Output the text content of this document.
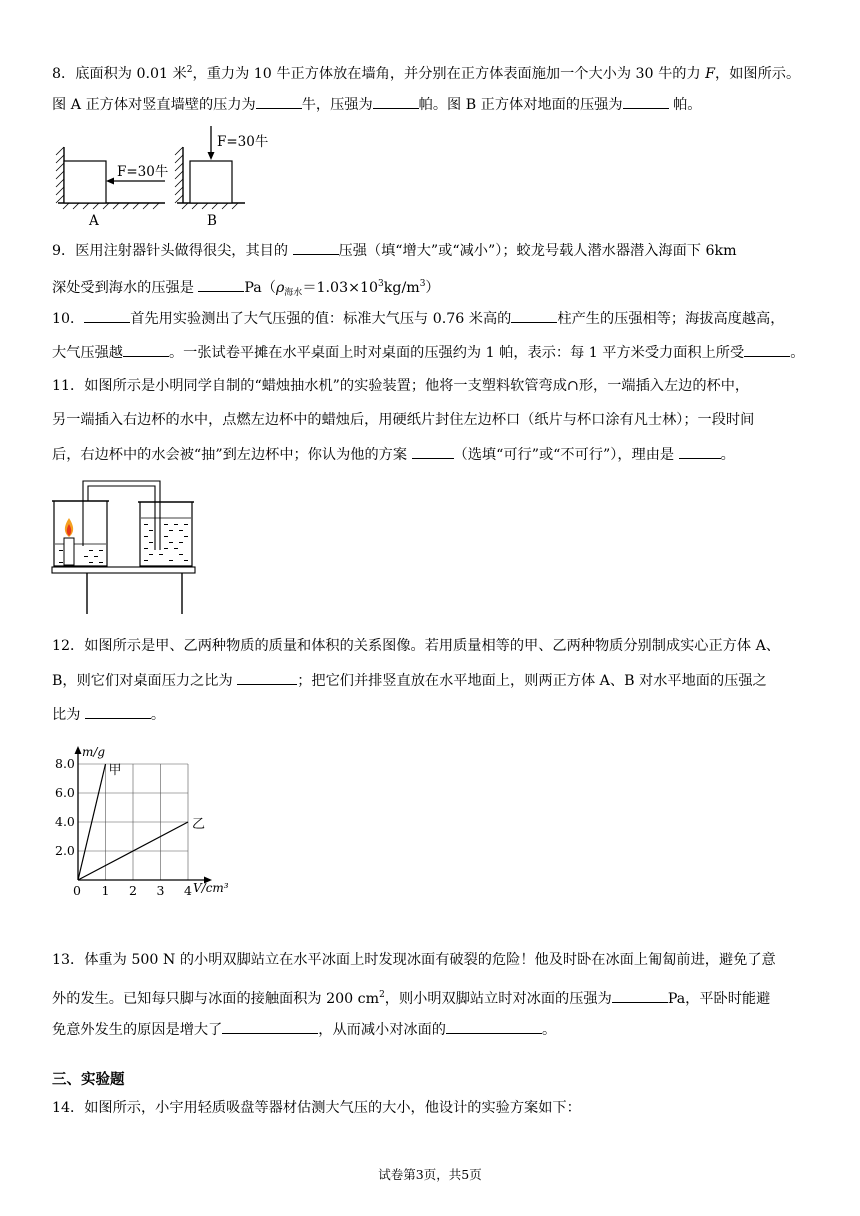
8．底面积为 0.01 米$^2$，重力为 10 牛正方体放在墙角，并分别在正方体表面施加一个大小为 30 牛的力 F，如图所示。
图 A 正方体对竖直墙壁的压力为	牛，压强为	帕。图 B 正方体对地面的压强为	帕。
F=30牛
A
F=30牛
B
9．医用注射器针头做得很尖，其目的	压强（填“增大”或“减小”）；蛟龙号载人潜水器潜入海面下 6km
深处受到海水的压强是	$Pa(\rho_{海水}=1.03\times 10^3kg/m^3)$
10．	首先用实验测出了大气压强的值：标准大气压与 0.76 米高的	柱产生的压强相等；海拔高度越高，
大气压强越	。一张试卷平摊在水平桌面上时对桌面的压强约为 1 帕，表示：每 1 平方米受力面积上所受	。
11．如图所示是小明同学自制的“蜡烛抽水机”的实验装置；他将一支塑料软管弯成∩形，一端插入左边的杯中，
另一端插入右边杯的水中，点燃左边杯中的蜡烛后，用硬纸片封住左边杯口（纸片与杯口涂有凡士林）；一段时间
后，右边杯中的水会被“抽”到左边杯中；你认为他的方案	（选填“可行”或“不可行”），理由是	。
12．如图所示是甲、乙两种物质的质量和体积的关系图像。若用质量相等的甲、乙两种物质分别制成实心正方体 A、
B，则它们对桌面压力之比为	；把它们并排竖直放在水平地面上，则两正方体 A、B 对水平地面的压强之
比为	。
0 1 2 3 4
2.0
4.0
6.0
8.0	甲
乙
m/g
V/cm³
13．体重为 500 N 的小明双脚站立在水平冰面上时发现冰面有破裂的危险！他及时卧在冰面上匍匐前进，避免了意
外的发生。已知每只脚与冰面的接触面积为 200 $cm^2$，则小明双脚站立时对冰面的压强为	Pa，平卧时能避
免意外发生的原因是增大了	，从而减小对冰面的	。
三、实验题
14．如图所示，小宇用轻质吸盘等器材估测大气压的大小，他设计的实验方案如下：
试卷第3页，共5页
